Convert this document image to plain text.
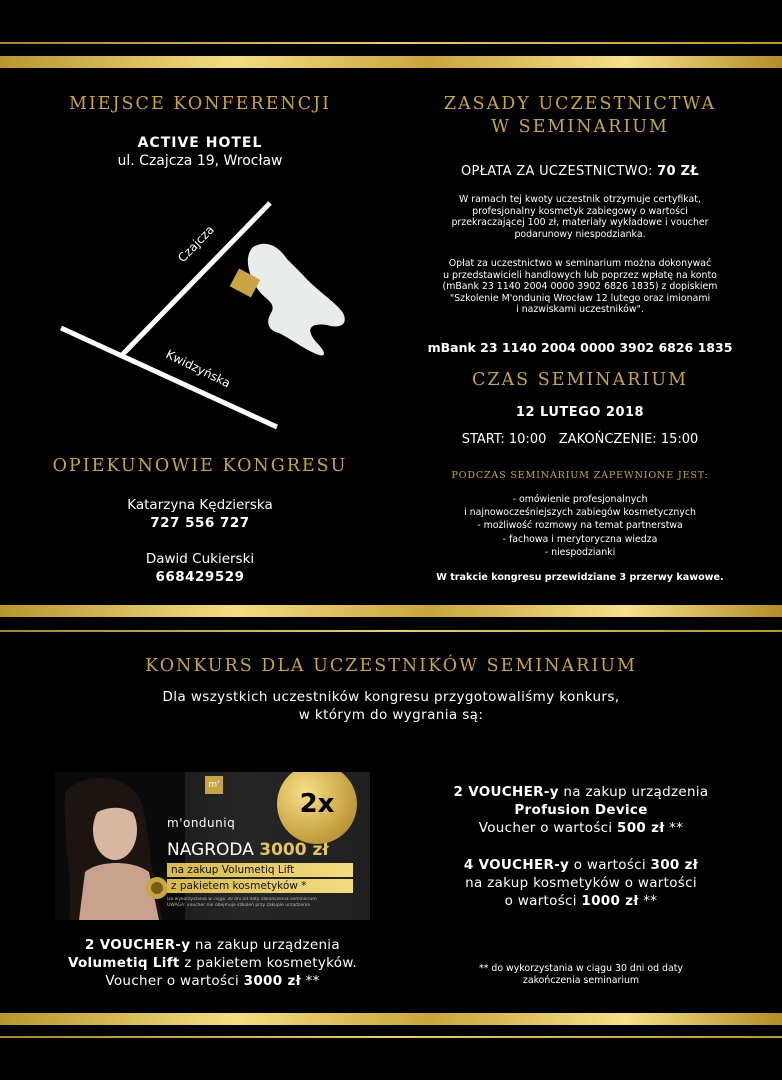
MIEJSCE KONFERENCJI
ACTIVE HOTEL
ul. Czajcza 19, Wrocław
Czajcza
Kwidzyńska
OPIEKUNOWIE KONGRESU
Katarzyna Kędzierska
727 556 727
Dawid Cukierski
668429529
ZASADY UCZESTNICTWA
W SEMINARIUM
OPŁATA ZA UCZESTNICTWO: 70 ZŁ
W ramach tej kwoty uczestnik otrzymuje certyfikat,
profesjonalny kosmetyk zabiegowy o wartości
przekraczającej 100 zł, materiały wykładowe i voucher
podarunowy niespodzianka.
Opłat za uczestnictwo w seminarium można dokonywać
u przedstawicieli handlowych lub poprzez wpłatę na konto
(mBank 23 1140 2004 0000 3902 6826 1835) z dopiskiem
"Szkolenie M'onduniq Wrocław 12 lutego oraz imionami
i nazwiskami uczestników".
mBank 23 1140 2004 0000 3902 6826 1835
CZAS SEMINARIUM
12 LUTEGO 2018
START: 10:00 ZAKOŃCZENIE: 15:00
PODCZAS SEMINARIUM ZAPEWNIONE JEST:
- omówienie profesjonalnych
i najnowocześniejszych zabiegów kosmetycznych
- możliwość rozmowy na temat partnerstwa
- fachowa i merytoryczna wiedza
- niespodzianki
W trakcie kongresu przewidziane 3 przerwy kawowe.
KONKURS DLA UCZESTNIKÓW SEMINARIUM
Dla wszystkich uczestników kongresu przygotowaliśmy konkurs,
w którym do wygrania są:
m'
m'onduniq
NAGRODA 3000 zł
na zakup Volumetiq Lift
z pakietem kosmetyków *
Do wykorzystania w ciągu 30 dni od daty zakończenia seminarium
UWAGA: voucher nie obejmuje szkoleń przy zakupie urządzenia
2x
2 VOUCHER-y na zakup urządzenia
Volumetiq Lift z pakietem kosmetyków.
Voucher o wartości 3000 zł **
2 VOUCHER-y na zakup urządzenia
Profusion Device
Voucher o wartości 500 zł **
4 VOUCHER-y o wartości 300 zł
na zakup kosmetyków o wartości
o wartości 1000 zł **
** do wykorzystania w ciągu 30 dni od daty
zakończenia seminarium
